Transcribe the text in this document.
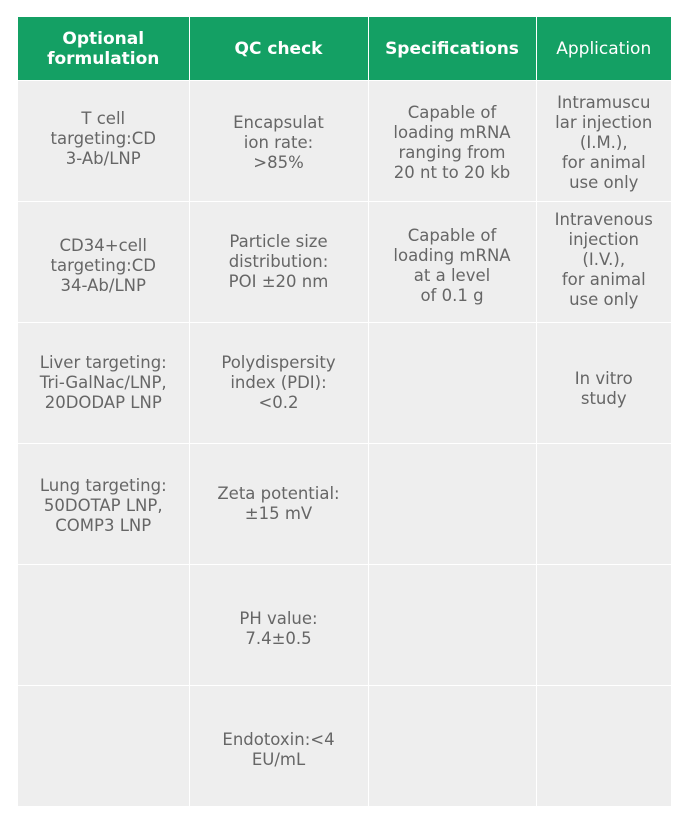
Optional
formulation	QC check	Specifications	Application

T cell
targeting:CD
3-Ab/LNP	Encapsulat
ion rate:
>85%	Capable of
loading mRNA
ranging from
20 nt to 20 kb	Intramuscu
lar injection
(I.M.),
for animal
use only

CD34+cell
targeting:CD
34-Ab/LNP	Particle size
distribution:
POI ±20 nm	Capable of
loading mRNA
at a level
of 0.1 g	Intravenous
injection
(I.V.),
for animal
use only

Liver targeting:
Tri-GalNac/LNP,
20DODAP LNP	Polydispersity
index (PDI):
<0.2		In vitro
study

Lung targeting:
50DOTAP LNP,
COMP3 LNP	Zeta potential:
±15 mV		

	PH value:
7.4±0.5		

	Endotoxin:<4
EU/mL		
